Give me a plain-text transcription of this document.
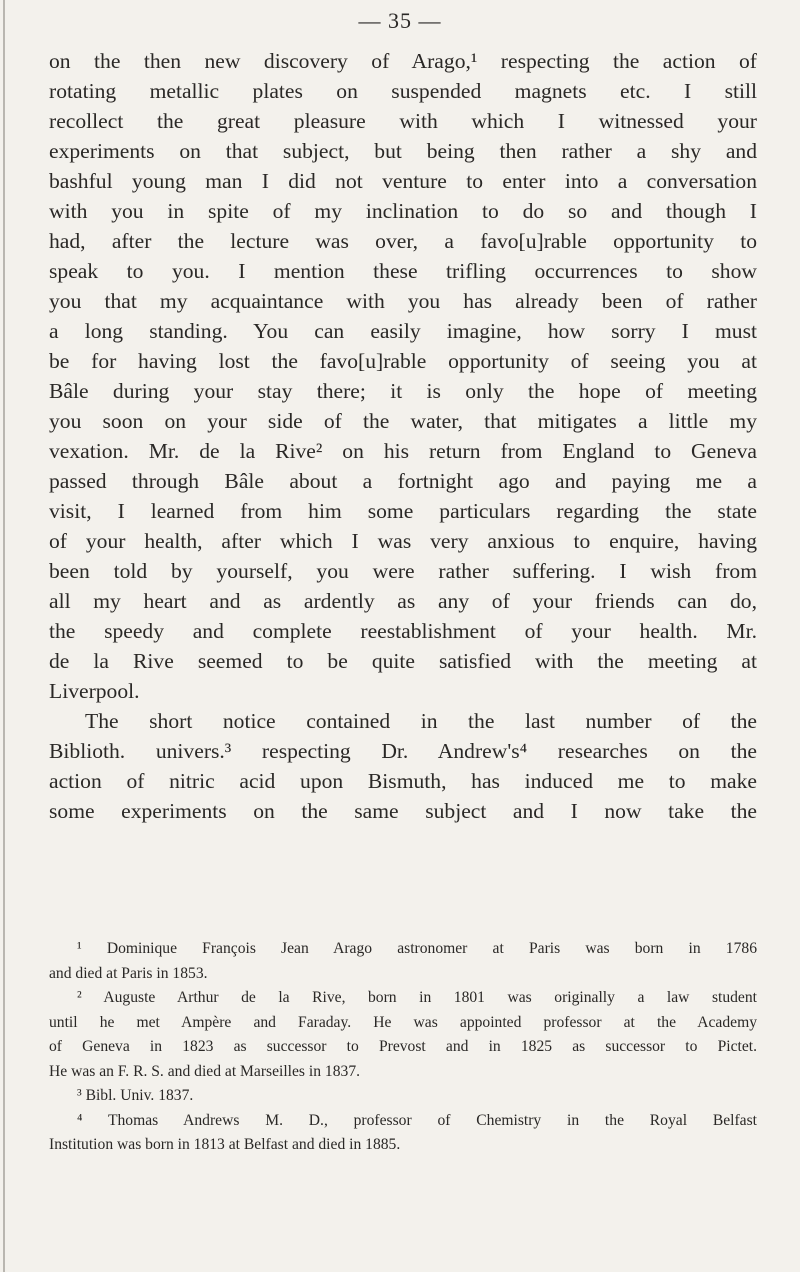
— 35 —
on the then new discovery of Arago,¹ respecting the action of
rotating metallic plates on suspended magnets etc. I still
recollect the great pleasure with which I witnessed your
experiments on that subject, but being then rather a shy and
bashful young man I did not venture to enter into a conversation
with you in spite of my inclination to do so and though I
had, after the lecture was over, a favo[u]rable opportunity to
speak to you. I mention these trifling occurrences to show
you that my acquaintance with you has already been of rather
a long standing. You can easily imagine, how sorry I must
be for having lost the favo[u]rable opportunity of seeing you at
Bâle during your stay there; it is only the hope of meeting
you soon on your side of the water, that mitigates a little my
vexation. Mr. de la Rive² on his return from England to Geneva
passed through Bâle about a fortnight ago and paying me a
visit, I learned from him some particulars regarding the state
of your health, after which I was very anxious to enquire, having
been told by yourself, you were rather suffering. I wish from
all my heart and as ardently as any of your friends can do,
the speedy and complete reestablishment of your health. Mr.
de la Rive seemed to be quite satisfied with the meeting at
Liverpool.
The short notice contained in the last number of the
Biblioth. univers.³ respecting Dr. Andrew's⁴ researches on the
action of nitric acid upon Bismuth, has induced me to make
some experiments on the same subject and I now take the
¹ Dominique François Jean Arago astronomer at Paris was born in 1786
and died at Paris in 1853.
² Auguste Arthur de la Rive, born in 1801 was originally a law student
until he met Ampère and Faraday. He was appointed professor at the Academy
of Geneva in 1823 as successor to Prevost and in 1825 as successor to Pictet.
He was an F. R. S. and died at Marseilles in 1837.
³ Bibl. Univ. 1837.
⁴ Thomas Andrews M. D., professor of Chemistry in the Royal Belfast
Institution was born in 1813 at Belfast and died in 1885.
